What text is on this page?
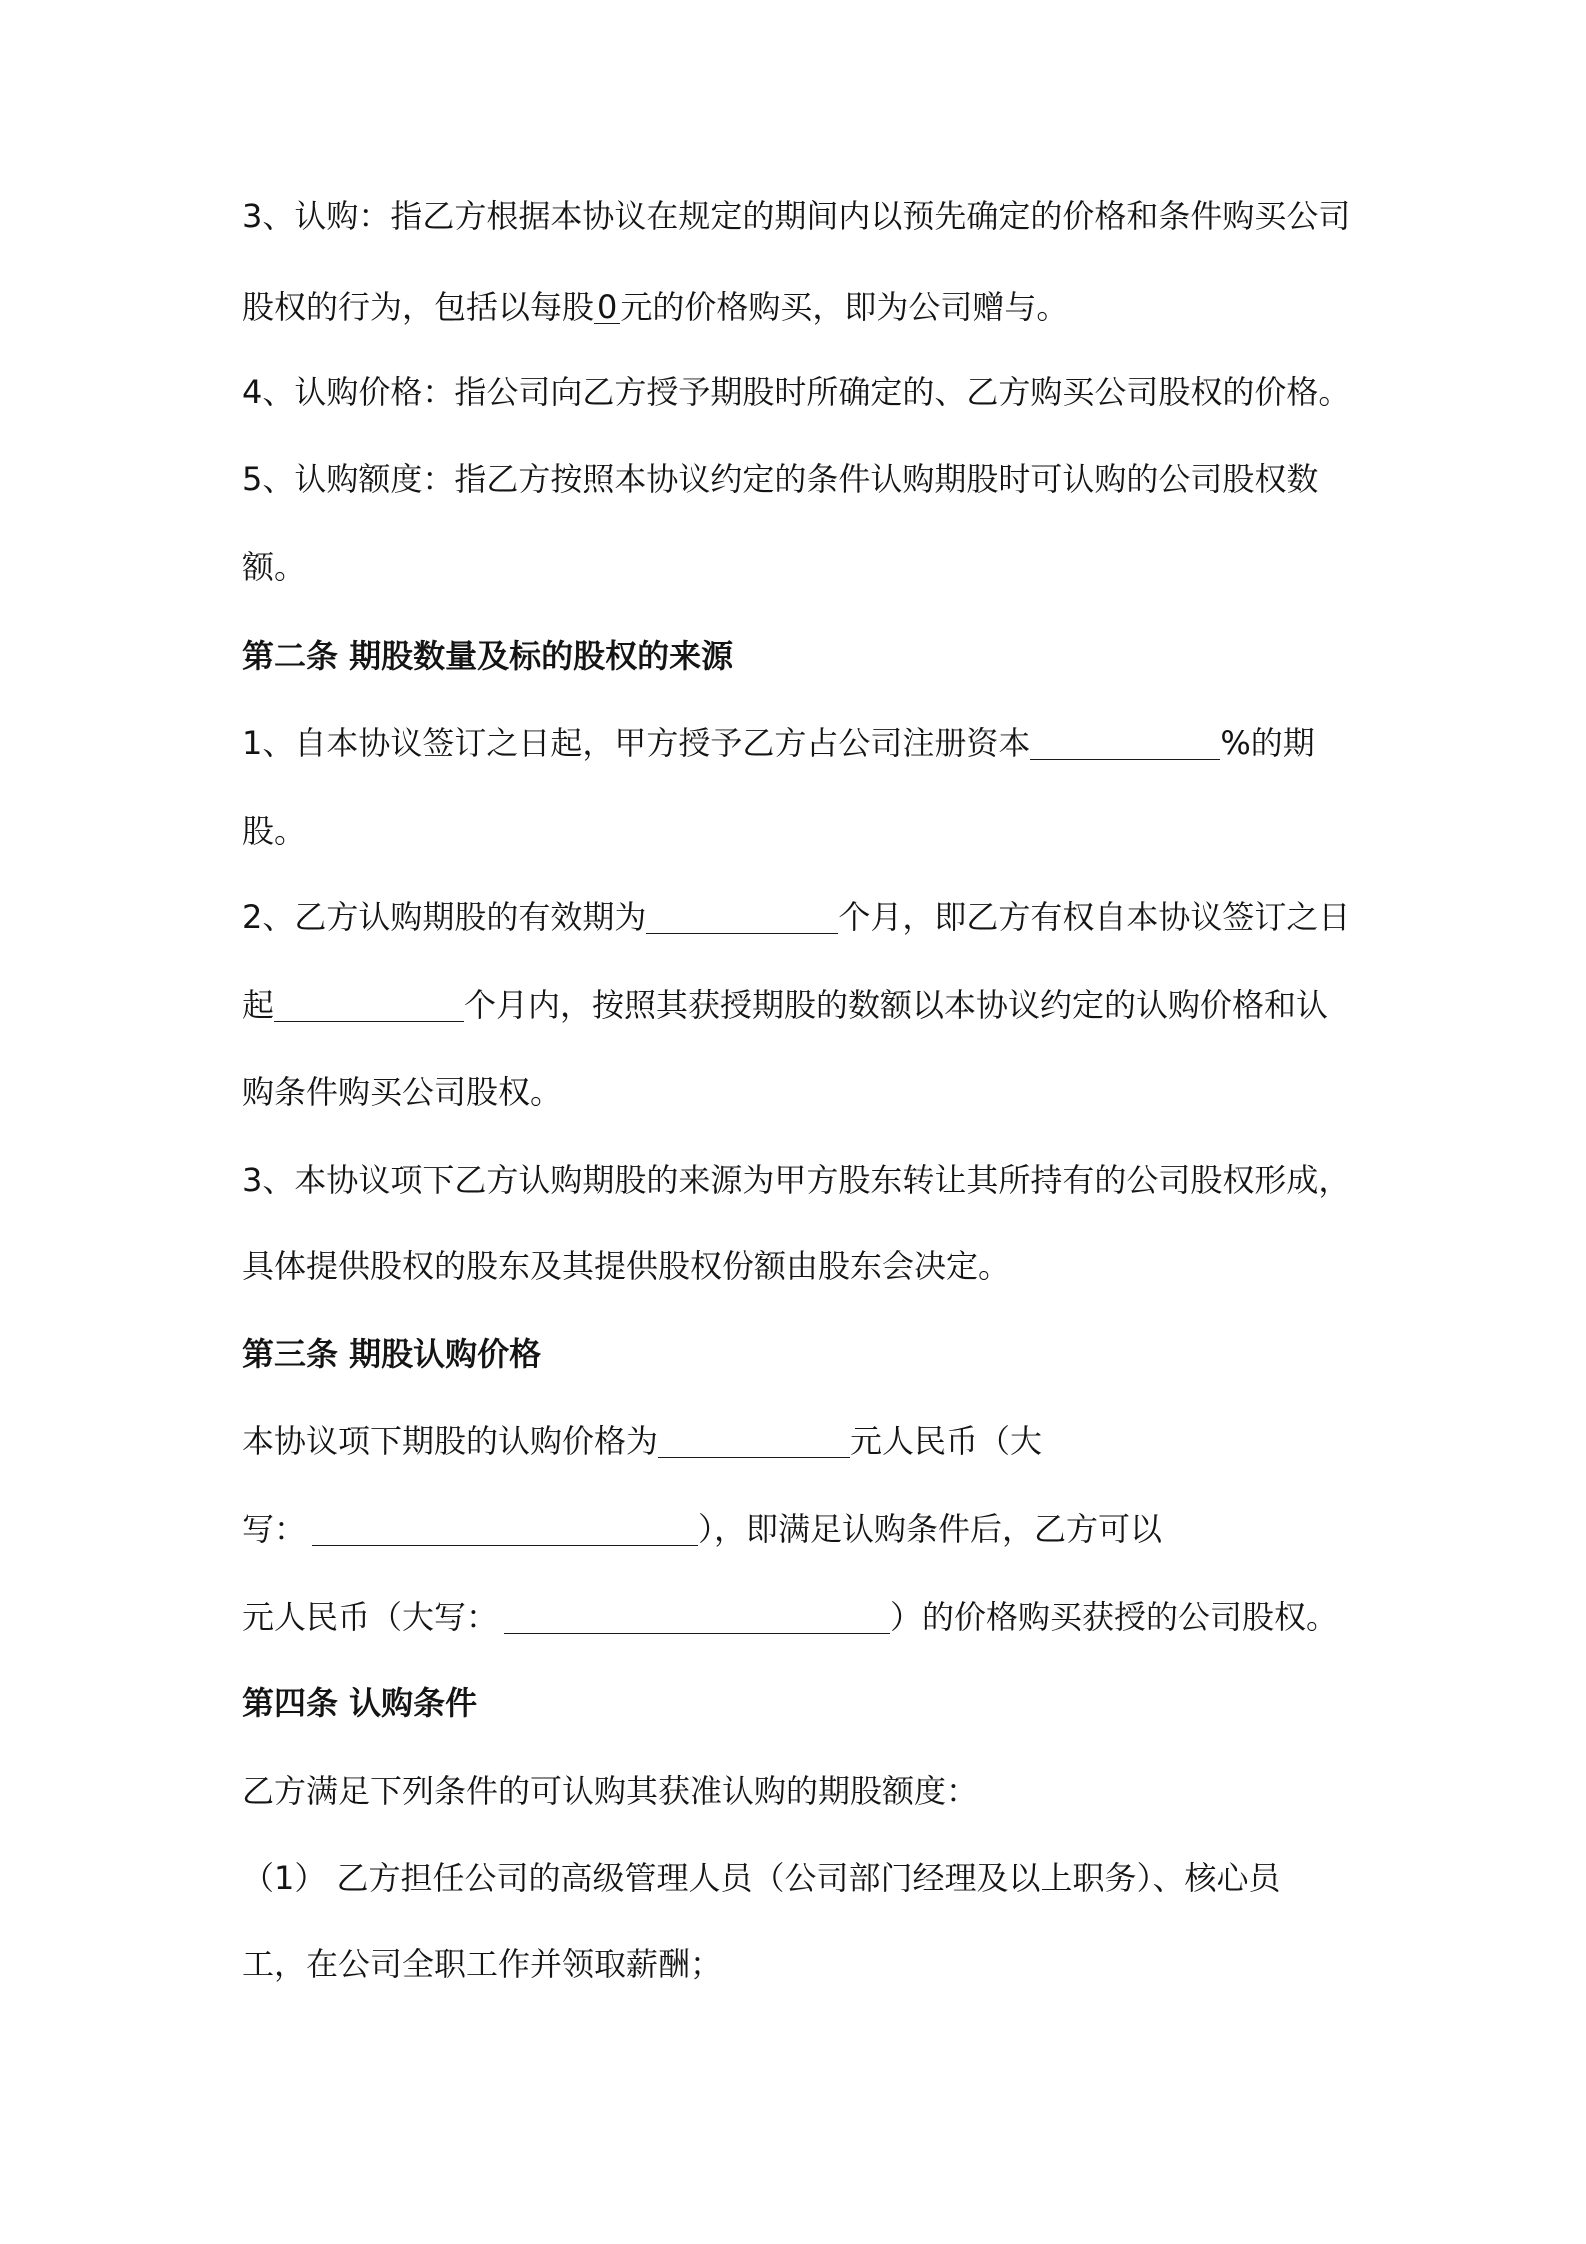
3、认购：指乙方根据本协议在规定的期间内以预先确定的价格和条件购买公司
股权的行为，包括以每股0元的价格购买，即为公司赠与。
4、认购价格：指公司向乙方授予期股时所确定的、乙方购买公司股权的价格。
5、认购额度：指乙方按照本协议约定的条件认购期股时可认购的公司股权数
额。
第二条 期股数量及标的股权的来源
1、自本协议签订之日起，甲方授予乙方占公司注册资本	%的期
股。
2、乙方认购期股的有效期为	个月，即乙方有权自本协议签订之日
起	个月内，按照其获授期股的数额以本协议约定的认购价格和认
购条件购买公司股权。
3、本协议项下乙方认购期股的来源为甲方股东转让其所持有的公司股权形成，
具体提供股权的股东及其提供股权份额由股东会决定。
第三条 期股认购价格
本协议项下期股的认购价格为	元人民币（大
写：	），即满足认购条件后，乙方可以
元人民币（大写：	）的价格购买获授的公司股权。
第四条 认购条件
乙方满足下列条件的可认购其获准认购的期股额度：
（1） 乙方担任公司的高级管理人员（公司部门经理及以上职务）、核心员
工，在公司全职工作并领取薪酬；
